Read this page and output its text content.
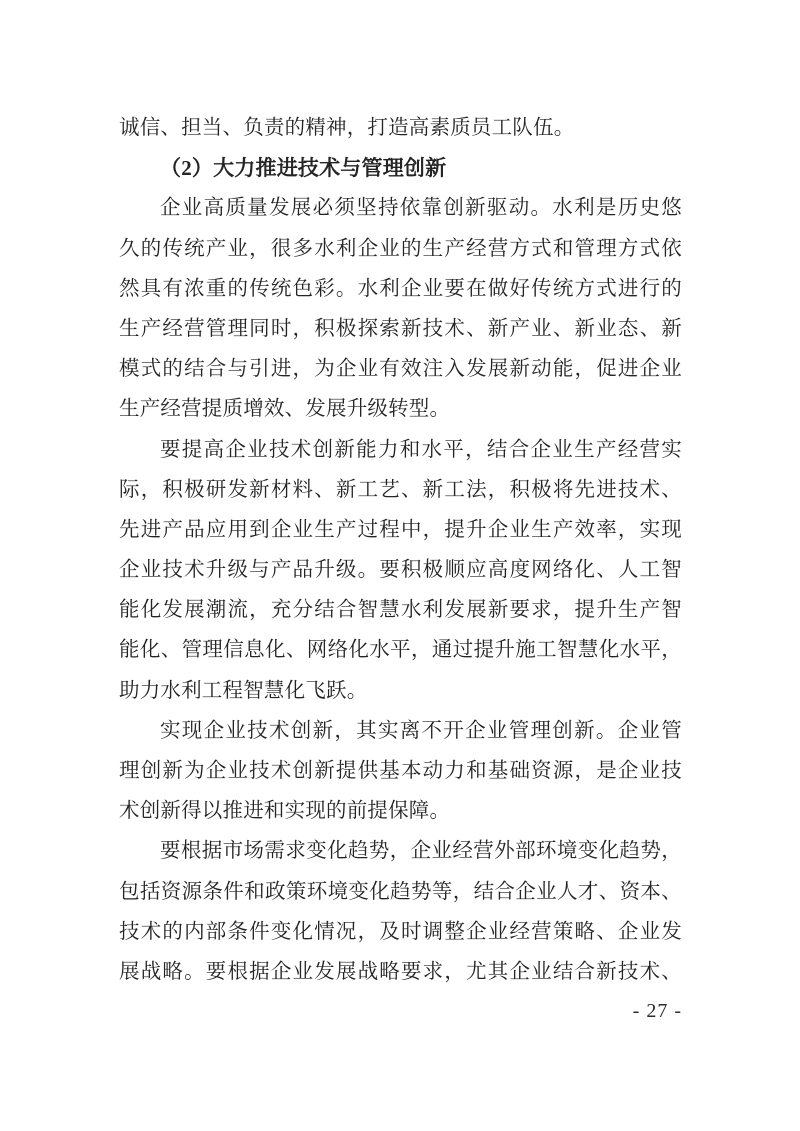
诚信、担当、负责的精神，打造高素质员工队伍。
（2）大力推进技术与管理创新
企业高质量发展必须坚持依靠创新驱动。水利是历史悠
久的传统产业，很多水利企业的生产经营方式和管理方式依
然具有浓重的传统色彩。水利企业要在做好传统方式进行的
生产经营管理同时，积极探索新技术、新产业、新业态、新
模式的结合与引进，为企业有效注入发展新动能，促进企业
生产经营提质增效、发展升级转型。
要提高企业技术创新能力和水平，结合企业生产经营实
际，积极研发新材料、新工艺、新工法，积极将先进技术、
先进产品应用到企业生产过程中，提升企业生产效率，实现
企业技术升级与产品升级。要积极顺应高度网络化、人工智
能化发展潮流，充分结合智慧水利发展新要求，提升生产智
能化、管理信息化、网络化水平，通过提升施工智慧化水平，
助力水利工程智慧化飞跃。
实现企业技术创新，其实离不开企业管理创新。企业管
理创新为企业技术创新提供基本动力和基础资源，是企业技
术创新得以推进和实现的前提保障。
要根据市场需求变化趋势，企业经营外部环境变化趋势，
包括资源条件和政策环境变化趋势等，结合企业人才、资本、
技术的内部条件变化情况，及时调整企业经营策略、企业发
展战略。要根据企业发展战略要求，尤其企业结合新技术、
- 27 -
